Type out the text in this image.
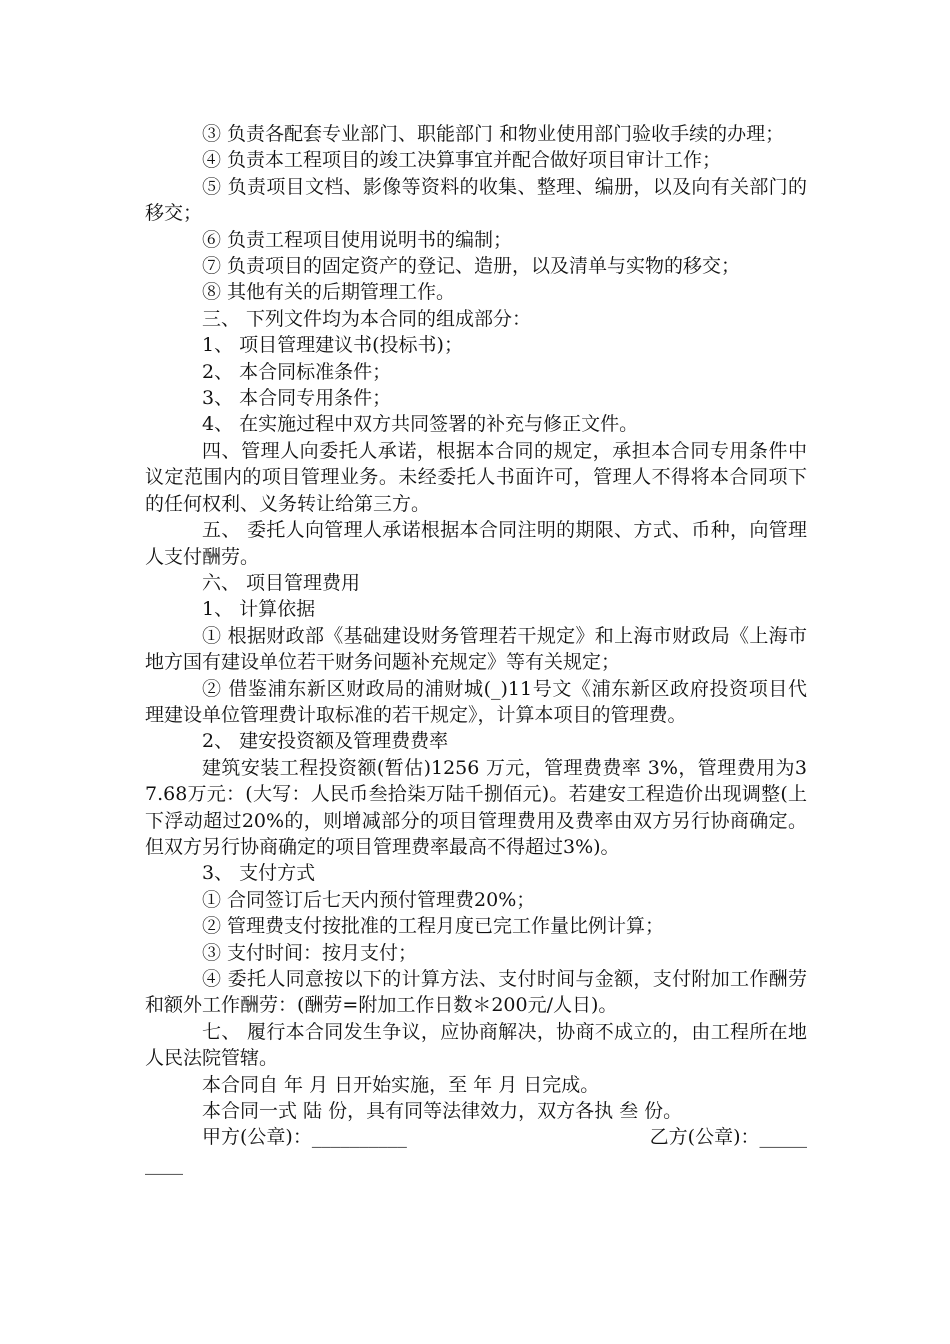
③ 负责各配套专业部门、职能部门 和物业使用部门验收手续的办理；

④ 负责本工程项目的竣工决算事宜并配合做好项目审计工作；

⑤ 负责项目文档、影像等资料的收集、整理、编册，以及向有关部门的移交；

⑥ 负责工程项目使用说明书的编制；

⑦ 负责项目的固定资产的登记、造册，以及清单与实物的移交；

⑧ 其他有关的后期管理工作。

三、 下列文件均为本合同的组成部分：

1、 项目管理建议书(投标书)；

2、 本合同标准条件；

3、 本合同专用条件；

4、 在实施过程中双方共同签署的补充与修正文件。

四、管理人向委托人承诺，根据本合同的规定，承担本合同专用条件中议定范围内的项目管理业务。未经委托人书面许可，管理人不得将本合同项下的任何权利、义务转让给第三方。

五、 委托人向管理人承诺根据本合同注明的期限、方式、币种，向管理人支付酬劳。

六、 项目管理费用

1、 计算依据

① 根据财政部《基础建设财务管理若干规定》和上海市财政局《上海市地方国有建设单位若干财务问题补充规定》等有关规定；

② 借鉴浦东新区财政局的浦财城(_)11号文《浦东新区政府投资项目代理建设单位管理费计取标准的若干规定》，计算本项目的管理费。

2、 建安投资额及管理费费率

建筑安装工程投资额(暂估)1256 万元，管理费费率 3%，管理费用为37.68万元：(大写：人民币叁拾柒万陆千捌佰元)。若建安工程造价出现调整(上下浮动超过20%的，则增减部分的项目管理费用及费率由双方另行协商确定。但双方另行协商确定的项目管理费率最高不得超过3%)。

3、 支付方式

① 合同签订后七天内预付管理费20%；

② 管理费支付按批准的工程月度已完工作量比例计算；

③ 支付时间：按月支付；

④ 委托人同意按以下的计算方法、支付时间与金额，支付附加工作酬劳和额外工作酬劳：(酬劳=附加工作日数＊200元/人日)。

七、 履行本合同发生争议，应协商解决，协商不成立的，由工程所在地人民法院管辖。

本合同自 年 月 日开始实施，至 年 月 日完成。

本合同一式 陆 份，具有同等法律效力，双方各执 叁 份。

甲方(公章)：__________	乙方(公章)：_____

____
